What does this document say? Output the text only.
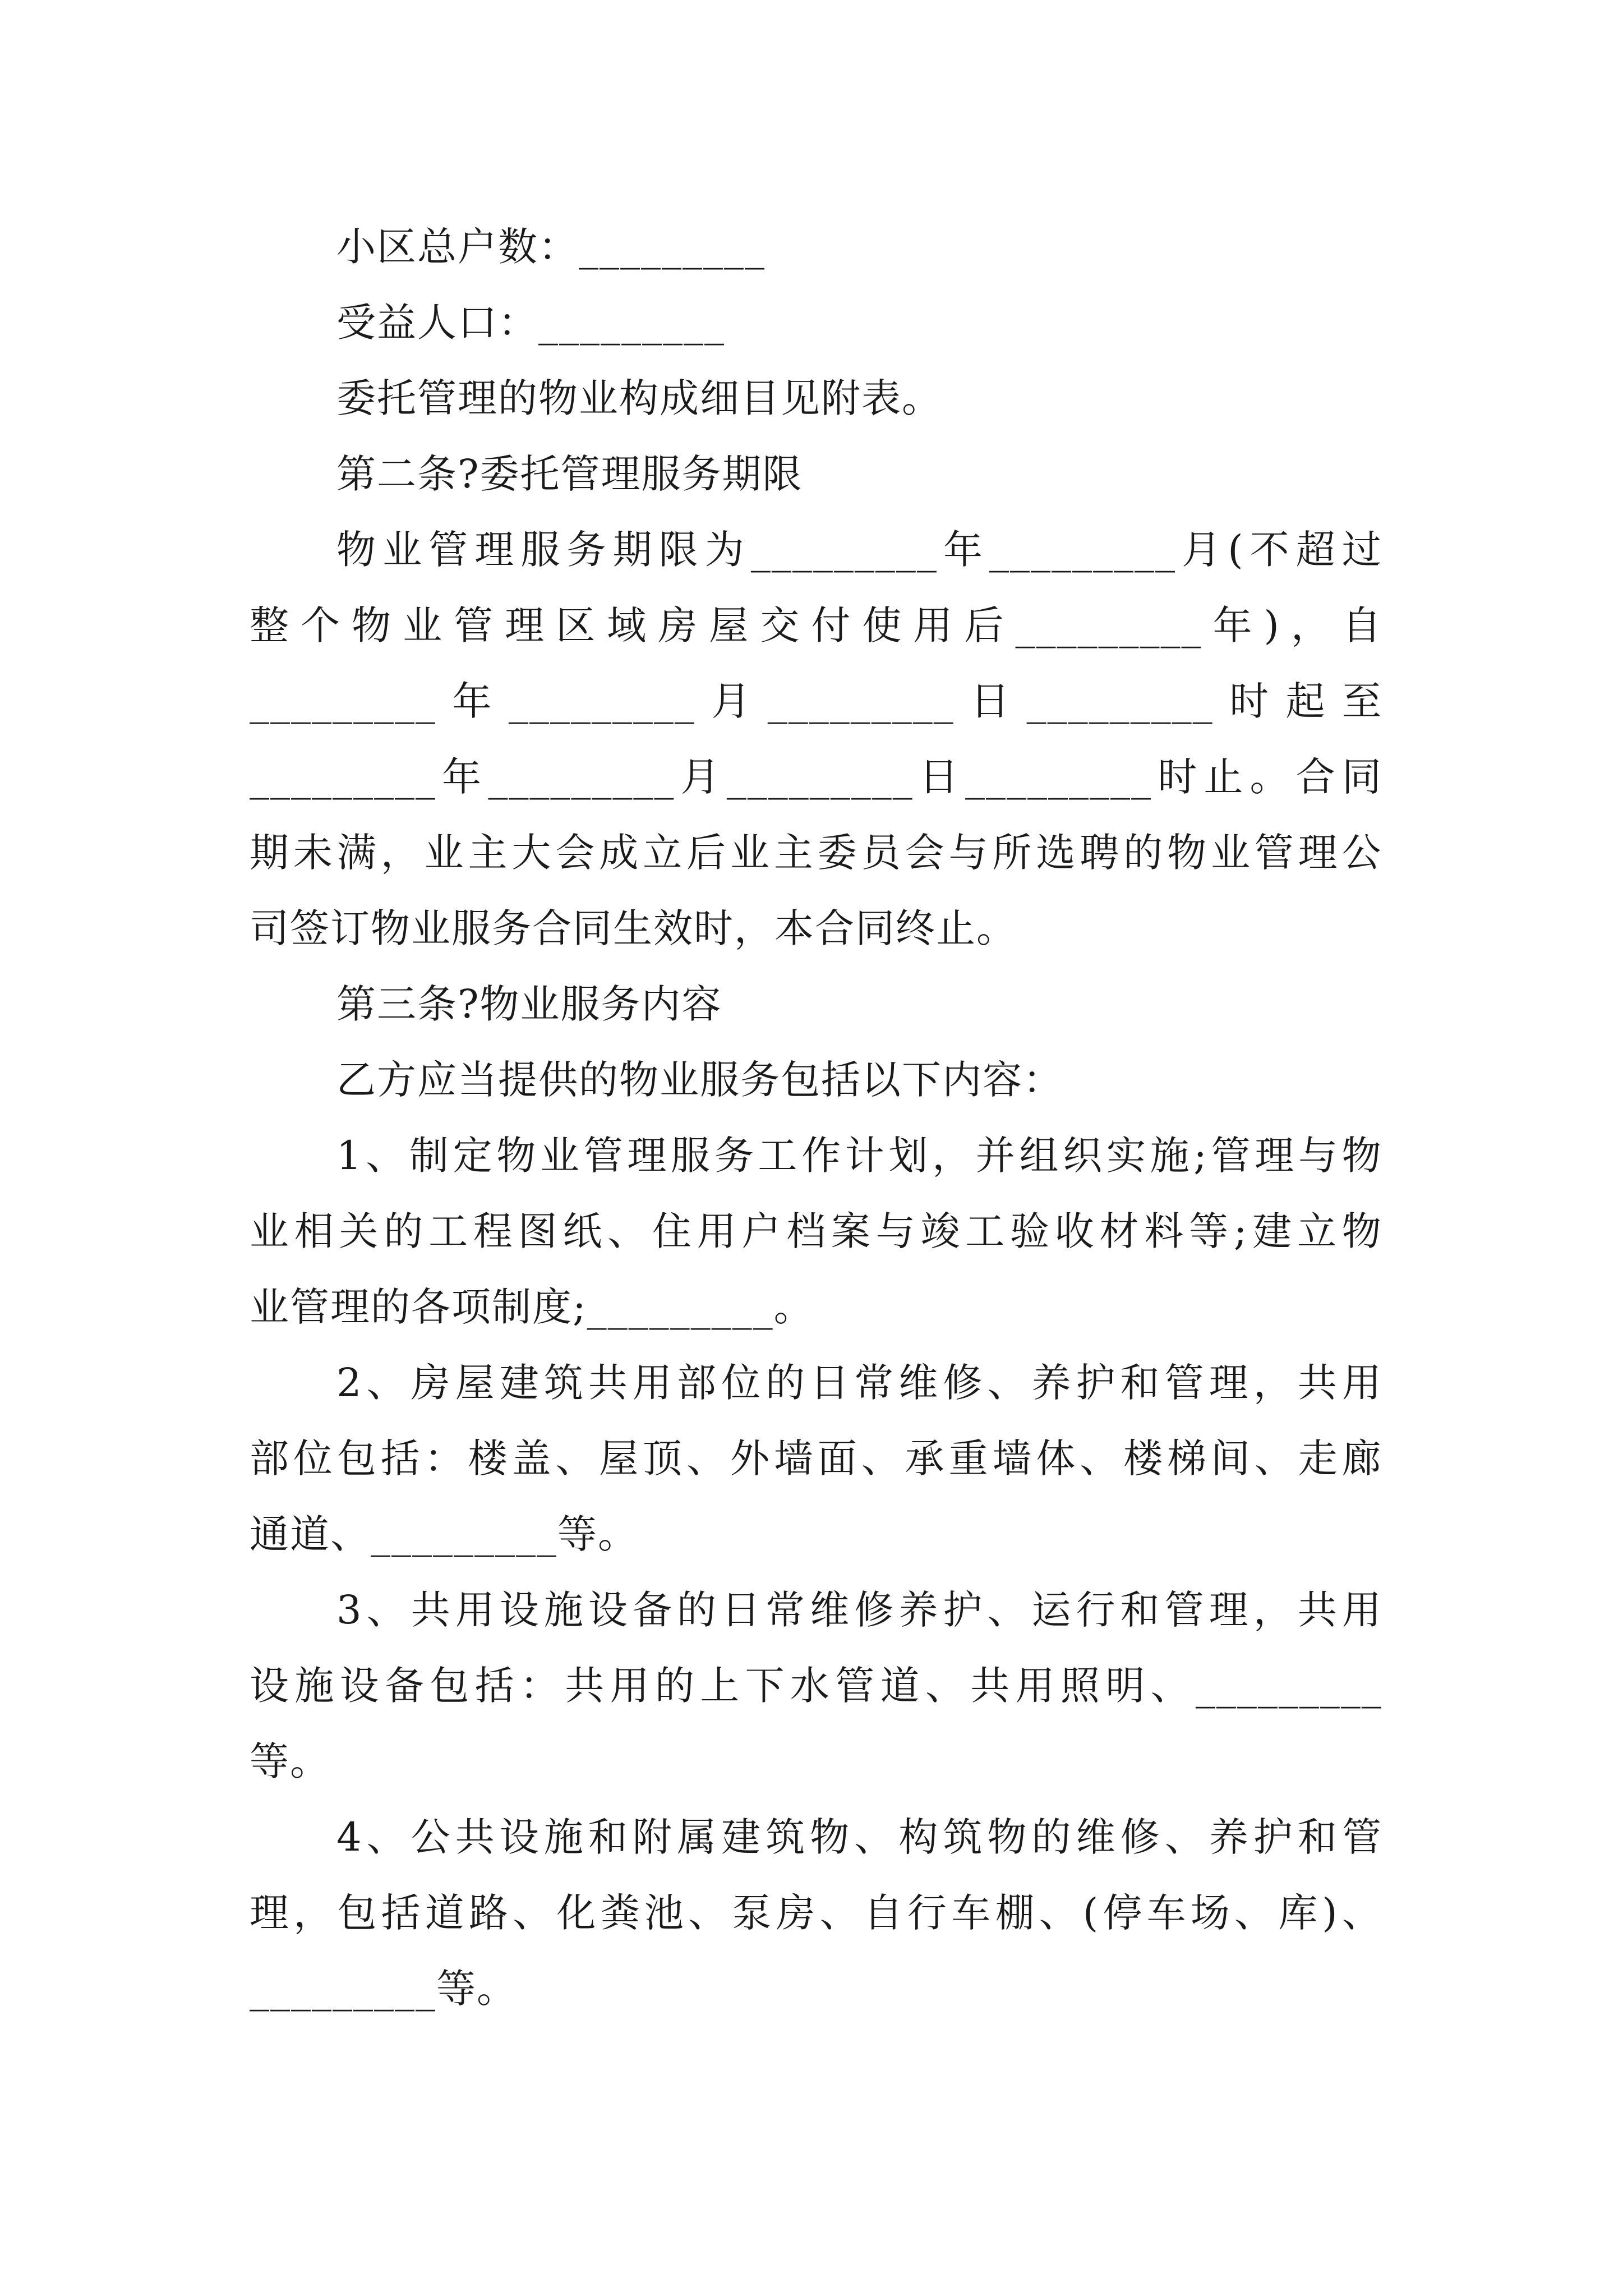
小区总户数：_________
受益人口：_________
委托管理的物业构成细目见附表。
第二条?委托管理服务期限
物 业 管 理 服 务 期 限 为 _________ 年 _________ 月 ( 不 超 过
整 个 物 业 管 理 区 域 房 屋 交 付 使 用 后 _________ 年 ) ， 自
_________ 年 _________ 月 _________ 日 _________ 时 起 至
_________ 年 _________ 月 _________ 日 _________ 时 止 。 合 同
期 未 满 ， 业 主 大 会 成 立 后 业 主 委 员 会 与 所 选 聘 的 物 业 管 理 公
司签订物业服务合同生效时，本合同终止。
第三条?物业服务内容
乙方应当提供的物业服务包括以下内容：
1 、 制 定 物 业 管 理 服 务 工 作 计 划 ， 并 组 织 实 施 ; 管 理 与 物
业 相 关 的 工 程 图 纸 、 住 用 户 档 案 与 竣 工 验 收 材 料 等 ; 建 立 物
业管理的各项制度;_________。
2 、 房 屋 建 筑 共 用 部 位 的 日 常 维 修 、 养 护 和 管 理 ， 共 用
部 位 包 括 ： 楼 盖 、 屋 顶 、 外 墙 面 、 承 重 墙 体 、 楼 梯 间 、 走 廊
通道、_________等。
3 、 共 用 设 施 设 备 的 日 常 维 修 养 护 、 运 行 和 管 理 ， 共 用
设 施 设 备 包 括 ： 共 用 的 上 下 水 管 道 、 共 用 照 明 、 _________
等。
4 、 公 共 设 施 和 附 属 建 筑 物 、 构 筑 物 的 维 修 、 养 护 和 管
理 ， 包 括 道 路 、 化 粪 池 、 泵 房 、 自 行 车 棚 、 ( 停 车 场 、 库 ) 、
_________等。
